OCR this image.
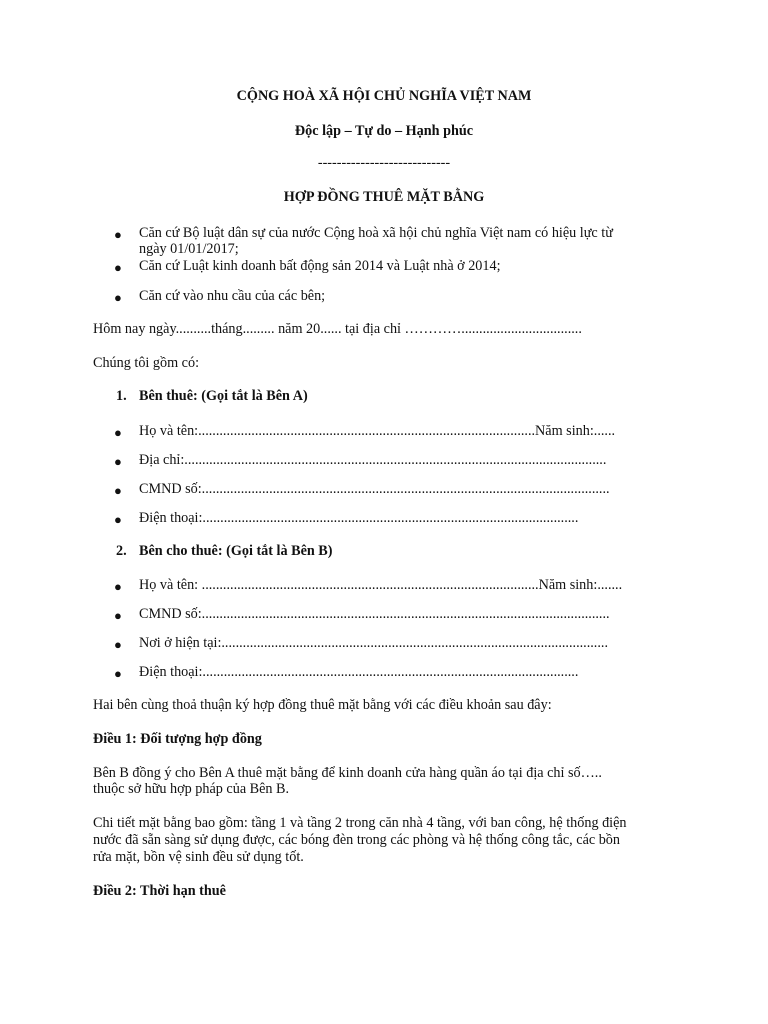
CỘNG HOÀ XÃ HỘI CHỦ NGHĨA VIỆT NAM
Độc lập – Tự do – Hạnh phúc
----------------------------
HỢP ĐỒNG THUÊ MẶT BẰNG
● Căn cứ Bộ luật dân sự của nước Cộng hoà xã hội chủ nghĩa Việt nam có hiệu lực từ
ngày 01/01/2017;
● Căn cứ Luật kinh doanh bất động sản 2014 và Luật nhà ở 2014;
● Căn cứ vào nhu cầu của các bên;
Hôm nay ngày..........tháng......... năm 20...... tại địa chỉ …………..................................
Chúng tôi gồm có:
1. Bên thuê: (Gọi tắt là Bên A)
● Họ và tên:...............................................................................................Năm sinh:......
● Địa chỉ:.......................................................................................................................
● CMND số:...................................................................................................................
● Điện thoại:..........................................................................................................
2. Bên cho thuê: (Gọi tắt là Bên B)
● Họ và tên: ...............................................................................................Năm sinh:.......
● CMND số:...................................................................................................................
● Nơi ở hiện tại:.............................................................................................................
● Điện thoại:..........................................................................................................
Hai bên cùng thoả thuận ký hợp đồng thuê mặt bằng với các điều khoản sau đây:
Điều 1: Đối tượng hợp đồng
Bên B đồng ý cho Bên A thuê mặt bằng để kinh doanh cửa hàng quần áo tại địa chỉ số…..
thuộc sở hữu hợp pháp của Bên B.
Chi tiết mặt bằng bao gồm: tầng 1 và tầng 2 trong căn nhà 4 tầng, với ban công, hệ thống điện
nước đã sẵn sàng sử dụng được, các bóng đèn trong các phòng và hệ thống công tắc, các bồn
rửa mặt, bồn vệ sinh đều sử dụng tốt.
Điều 2: Thời hạn thuê
